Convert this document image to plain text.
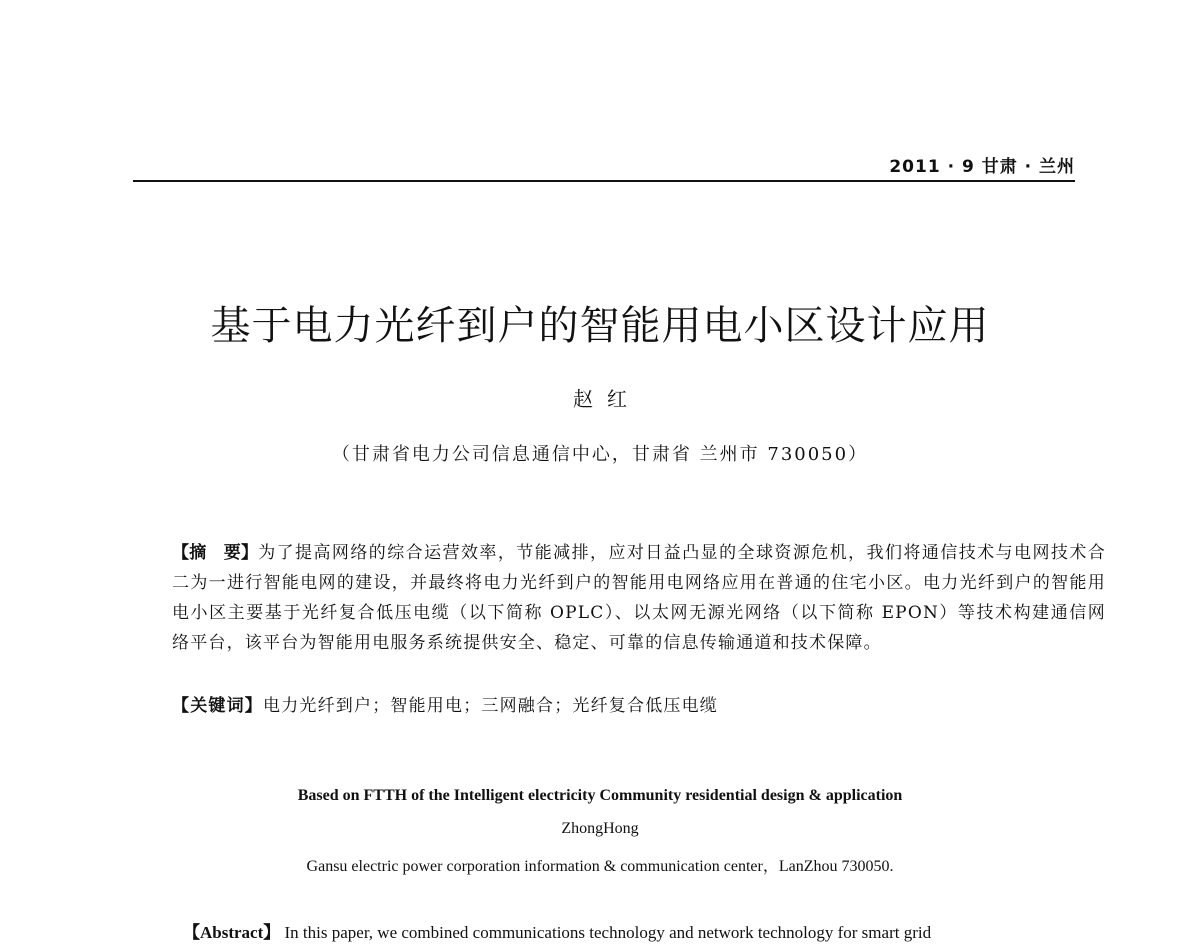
2011 · 9 甘肃 · 兰州
基于电力光纤到户的智能用电小区设计应用
赵红
（甘肃省电力公司信息通信中心，甘肃省 兰州市 730050）
【摘　要】为了提高网络的综合运营效率，节能减排，应对日益凸显的全球资源危机，我们将通信技术与电网技术合二为一进行智能电网的建设，并最终将电力光纤到户的智能用电网络应用在普通的住宅小区。电力光纤到户的智能用电小区主要基于光纤复合低压电缆（以下简称 OPLC）、以太网无源光网络（以下简称 EPON）等技术构建通信网络平台，该平台为智能用电服务系统提供安全、稳定、可靠的信息传输通道和技术保障。
【关键词】电力光纤到户；智能用电；三网融合；光纤复合低压电缆
Based on FTTH of the Intelligent electricity Community residential design & application
ZhongHong
Gansu electric power corporation information & communication center，LanZhou 730050.
【Abstract】 In this paper, we combined communications technology and network technology for smart grid
